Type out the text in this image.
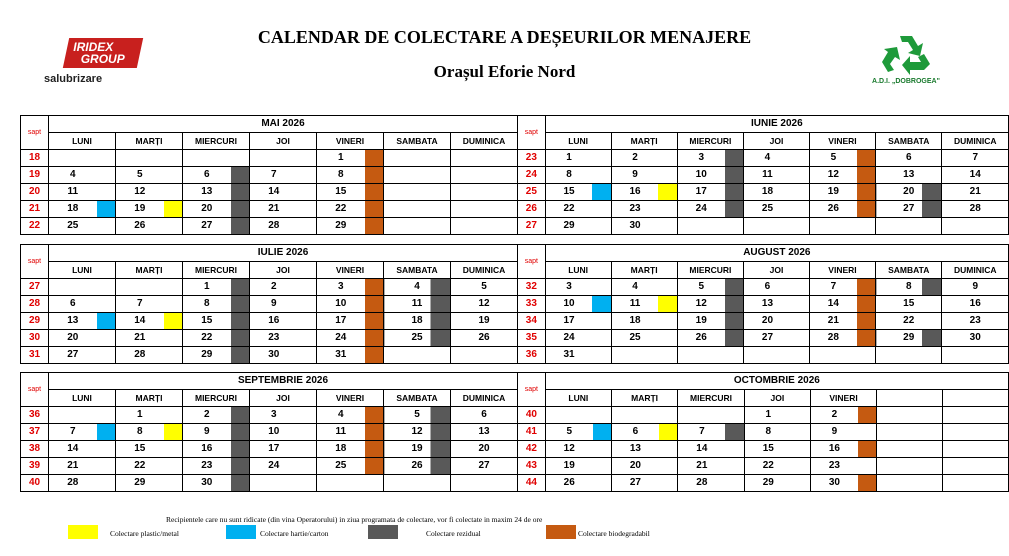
IRIDEX
GROUP
salubrizare
CALENDAR DE COLECTARE A DEȘEURILOR MENAJERE
Orașul Eforie Nord
A.D.I. „DOBROGEA"
sapt	MAI 2026											
	LUNI		MARȚI		MIERCURI		JOI		VINERI		SAMBATA	DUMINICA
18									1			
19	4		5		6		7		8			
20	11		12		13		14		15			
21	18		19		20		21		22			
22	25		26		27		28		29			
sapt	IUNIE 2026											
	LUNI		MARȚI		MIERCURI		JOI		VINERI		SAMBATA	DUMINICA
23	1		2		3		4		5		6	7
24	8		9		10		11		12		13	14
25	15		16		17		18		19		20	21
26	22		23		24		25		26		27	28
27	29		30									
sapt	IULIE 2026											
	LUNI		MARȚI		MIERCURI		JOI		VINERI		SAMBATA	DUMINICA
27					1		2		3		4	5
28	6		7		8		9		10		11	12
29	13		14		15		16		17		18	19
30	20		21		22		23		24		25	26
31	27		28		29		30		31			
sapt	AUGUST 2026											
	LUNI		MARȚI		MIERCURI		JOI		VINERI		SAMBATA	DUMINICA
32	3		4		5		6		7		8	9
33	10		11		12		13		14		15	16
34	17		18		19		20		21		22	23
35	24		25		26		27		28		29	30
36	31											
sapt	SEPTEMBRIE 2026											
	LUNI		MARȚI		MIERCURI		JOI		VINERI		SAMBATA	DUMINICA
36			1		2		3		4		5	6
37	7		8		9		10		11		12	13
38	14		15		16		17		18		19	20
39	21		22		23		24		25		26	27
40	28		29		30							
sapt	OCTOMBRIE 2026											
	LUNI		MARȚI		MIERCURI		JOI		VINERI			
40							1		2			
41	5		6		7		8		9			
42	12		13		14		15		16			
43	19		20		21		22		23			
44	26		27		28		29		30			
Recipientele care nu sunt ridicate (din vina Operatorului) in ziua programata de colectare, vor fi colectate in maxim 24 de ore
Colectare plastic/metal	Colectare hartie/carton	Colectare rezidual	Colectare biodegradabil
